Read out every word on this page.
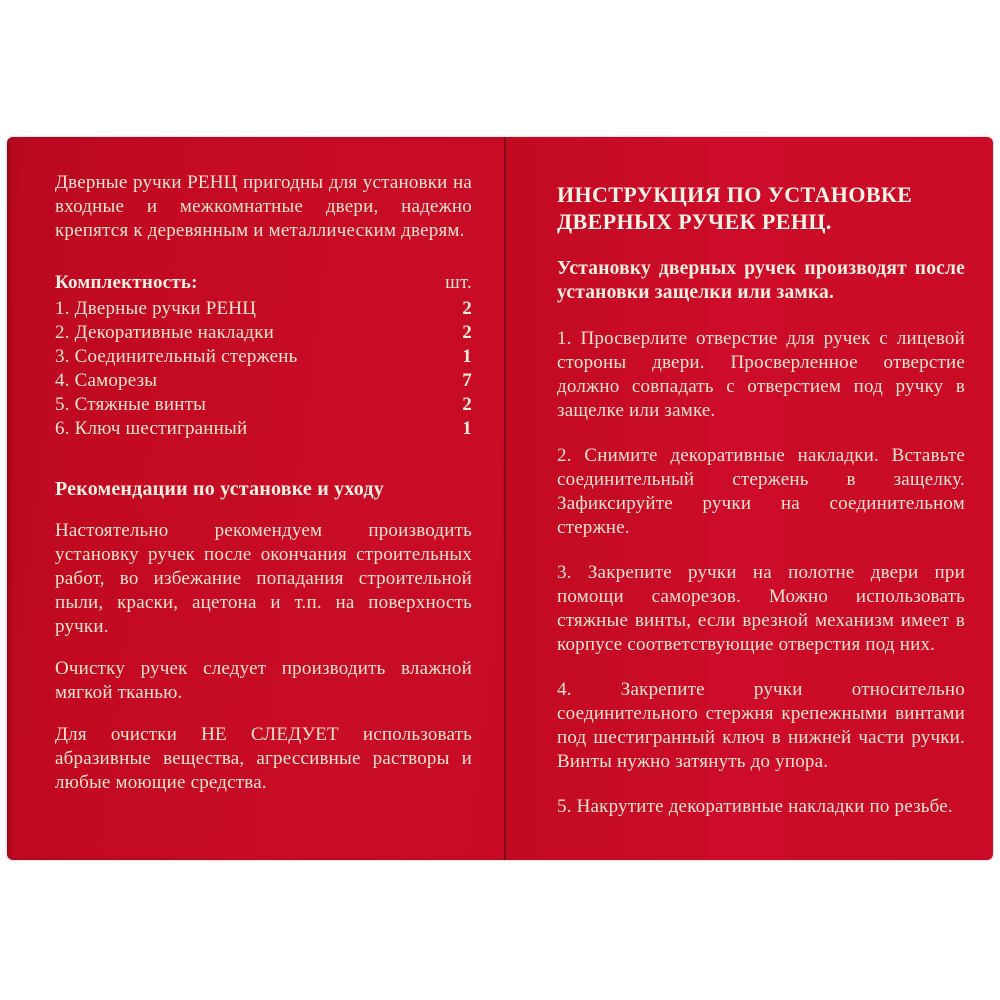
Дверные ручки РЕНЦ пригодны для установки на входные и межкомнатные двери, надежно крепятся к деревянным и металлическим дверям.

Комплектность:	шт.
1. Дверные ручки РЕНЦ	2
2. Декоративные накладки	2
3. Соединительный стержень	1
4. Саморезы	7
5. Стяжные винты	2
6. Ключ шестигранный	1
Рекомендации по установке и уходу

Настоятельно рекомендуем производить установку ручек после окончания строительных работ, во избежание попадания строительной пыли, краски, ацетона и т.п. на поверхность ручки.

Очистку ручек следует производить влажной мягкой тканью.

Для очистки НЕ СЛЕДУЕТ использовать абразивные вещества, агрессивные растворы и любые моющие средства.

ИНСТРУКЦИЯ ПО УСТАНОВКЕ ДВЕРНЫХ РУЧЕК РЕНЦ.

Установку дверных ручек производят после установки защелки или замка.

1. Просверлите отверстие для ручек с лицевой стороны двери. Просверленное отверстие должно совпадать с отверстием под ручку в защелке или замке.

2. Снимите декоративные накладки. Вставьте соединительный стержень в защелку. Зафиксируйте ручки на соединительном стержне.

3. Закрепите ручки на полотне двери при помощи саморезов. Можно использовать стяжные винты, если врезной механизм имеет в корпусе соответствующие отверстия под них.

4. Закрепите ручки относительно соединительного стержня крепежными винтами под шестигранный ключ в нижней части ручки. Винты нужно затянуть до упора.

5. Накрутите декоративные накладки по резьбе.
